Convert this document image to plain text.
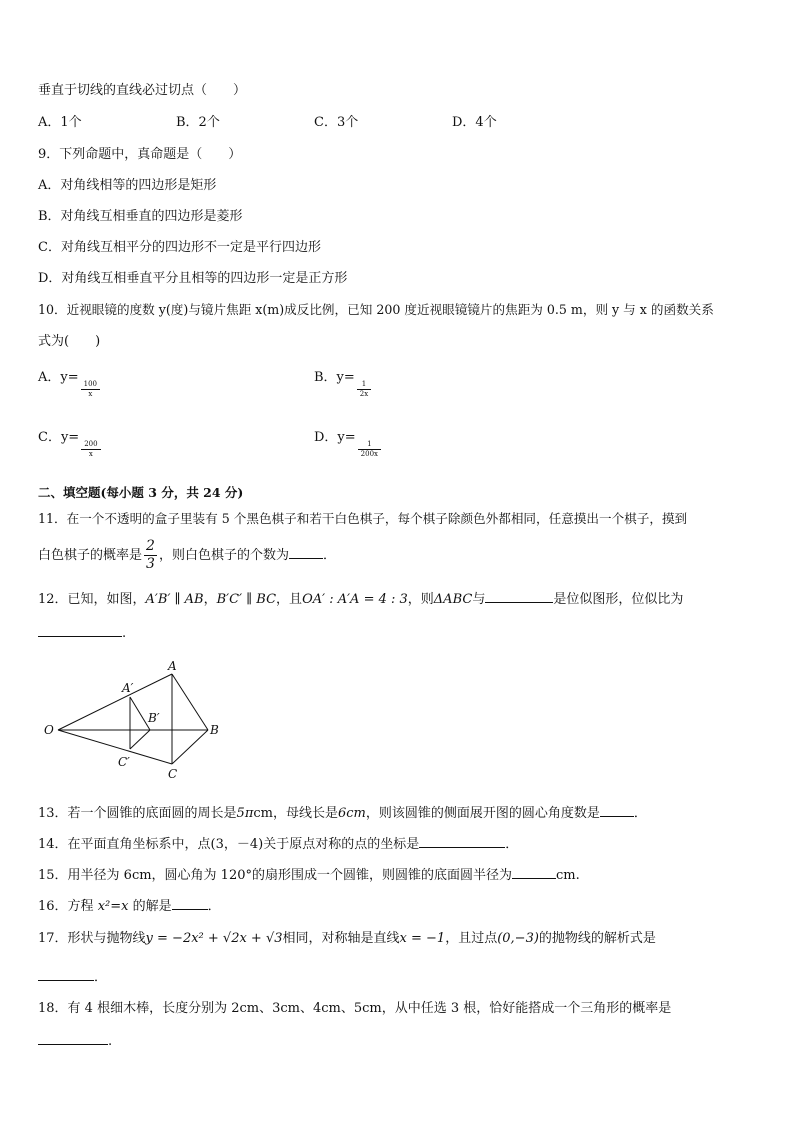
垂直于切线的直线必过切点（　　）
A．1个	B．2个	C．3个	D．4个
9．下列命题中，真命题是（　　）
A．对角线相等的四边形是矩形
B．对角线互相垂直的四边形是菱形
C．对角线互相平分的四边形不一定是平行四边形
D．对角线互相垂直平分且相等的四边形一定是正方形
10．近视眼镜的度数 y(度)与镜片焦距 x(m)成反比例，已知 200 度近视眼镜镜片的焦距为 0.5 m，则 y 与 x 的函数关系
式为(　　)
A．y=
$\frac{100}{x}$
B．y=
$\frac{1}{2x}$
C．y=
$\frac{200}{x}$
D．y=
$\frac{1}{200x}$
二、填空题(每小题 3 分，共 24 分)
11．在一个不透明的盒子里装有 5 个黑色棋子和若干白色棋子，每个棋子除颜色外都相同，任意摸出一个棋子，摸到
白色棋子的概率是 $\frac{2}{3}$ ，则白色棋子的个数为	．
12．已知，如图，A′B′ ∥ AB，B′C′ ∥ BC，且OA′ : A′A = 4 : 3，则ΔABC与	是位似图形，位似比为
.
O
A
A′
B′
B
C′
C
13．若一个圆锥的底面圆的周长是5πcm，母线长是6cm，则该圆锥的侧面展开图的圆心角度数是	．
14．在平面直角坐标系中，点(3，－4)关于原点对称的点的坐标是	．
15．用半径为 6cm，圆心角为 120°的扇形围成一个圆锥，则圆锥的底面圆半径为	cm.
16．方程 x²=x 的解是	．
17．形状与抛物线y = −2x² + √2x + √3相同，对称轴是直线x = −1，且过点(0,−3)的抛物线的解析式是
．
18．有 4 根细木棒，长度分别为 2cm、3cm、4cm、5cm，从中任选 3 根，恰好能搭成一个三角形的概率是
.
